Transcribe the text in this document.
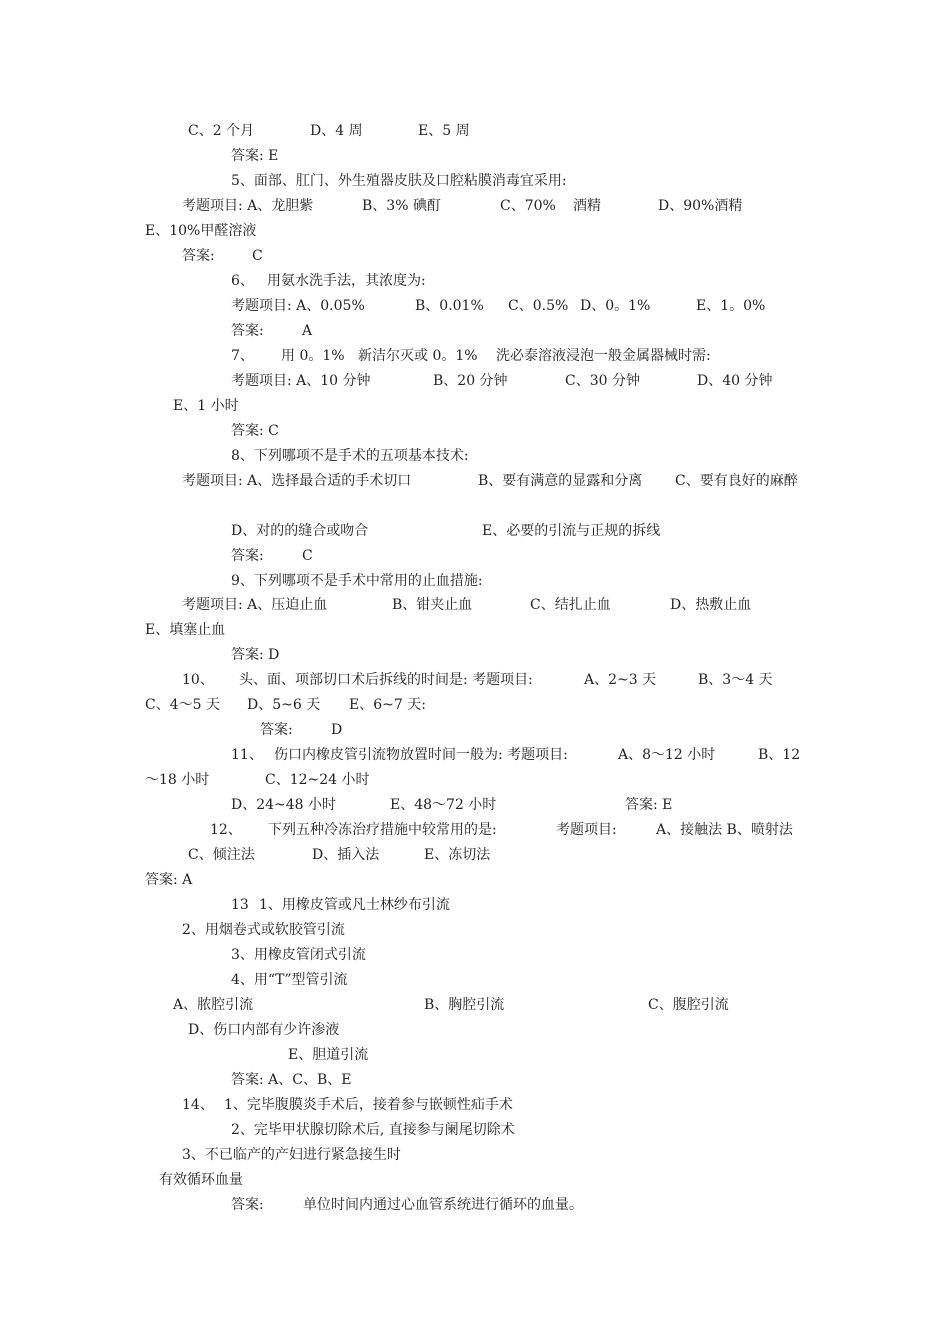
C、2 个月	D、4 周	E、5 周
答案: E
5、面部、肛门、外生殖器皮肤及口腔粘膜消毒宜采用:
考题项目: A、龙胆紫	B、3% 碘酊	C、70% 酒精	D、90%酒精
E、10%甲醛溶液
答案:	C
6、 用氨水洗手法，其浓度为:
考题项目: A、0.05%	B、0.01% C、0.5% D、0。1%	E、1。0%
答案:	A
7、 用 0。1% 新洁尔灭或 0。1% 洗必泰溶液浸泡一般金属器械时需:
考题项目: A、10 分钟	B、20 分钟	C、30 分钟	D、40 分钟
E、1 小时
答案: C
8、下列哪项不是手术的五项基本技术:
考题项目: A、选择最合适的手术切口	B、要有满意的显露和分离 C、要有良好的麻醉
D、对的的缝合或吻合	E、必要的引流与正规的拆线
答案:	C
9、下列哪项不是手术中常用的止血措施:
考题项目: A、压迫止血	B、钳夹止血	C、结扎止血	D、热敷止血
E、填塞止血
答案: D
10、 头、面、项部切口术后拆线的时间是: 考题项目:	A、2~3 天	B、3～4 天
C、4～5 天 D、5~6 天 E、6~7 天:
答案:	D
11、 伤口内橡皮管引流物放置时间一般为: 考题项目:	A、8～12 小时	B、12
～18 小时	C、12~24 小时
D、24~48 小时	E、48～72 小时	答案: E
12、 下列五种冷冻治疗措施中较常用的是:	考题项目:	A、接触法 B、喷射法
C、倾注法	D、插入法	E、冻切法
答案: A
13 1、用橡皮管或凡士林纱布引流
2、用烟卷式或软胶管引流
3、用橡皮管闭式引流
4、用“T”型管引流
A、脓腔引流	B、胸腔引流	C、腹腔引流
D、伤口内部有少许渗液
E、胆道引流
答案: A、C、B、E
14、 1、完毕腹膜炎手术后，接着参与嵌顿性疝手术
2、完毕甲状腺切除术后, 直接参与阑尾切除术
3、不已临产的产妇进行紧急接生时
有效循环血量
答案:	单位时间内通过心血管系统进行循环的血量。
